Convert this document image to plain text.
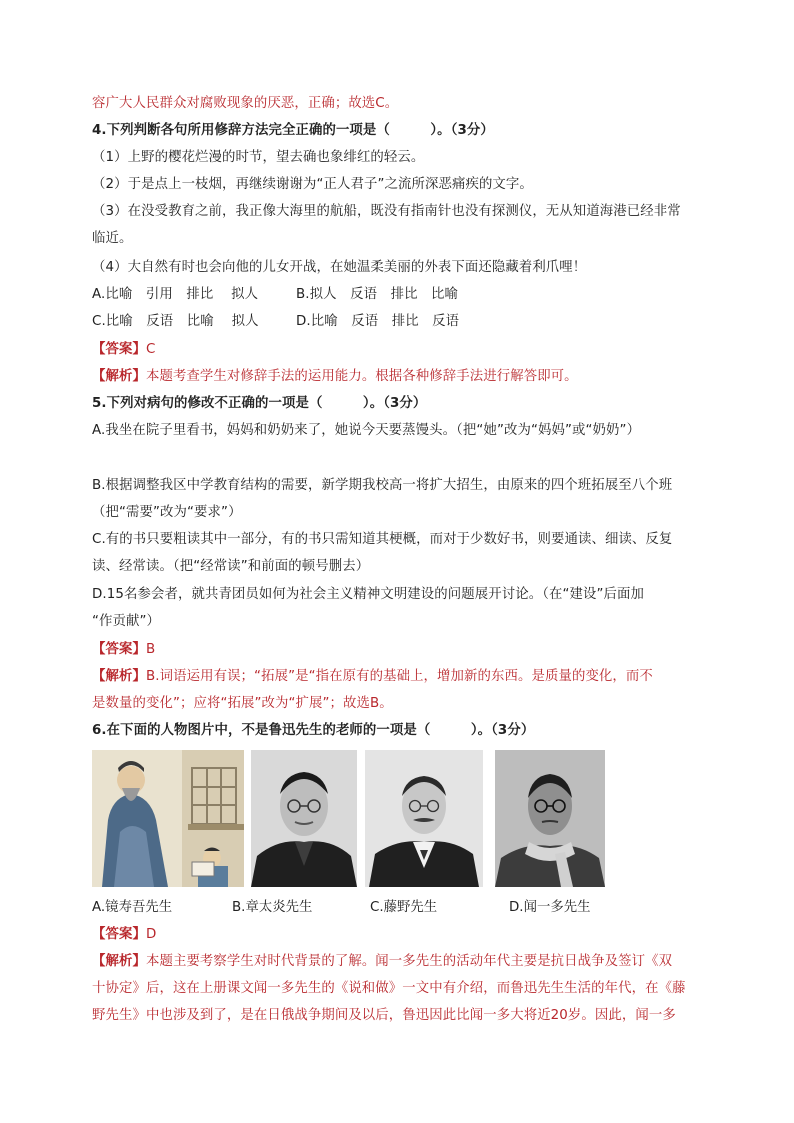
容广大人民群众对腐败现象的厌恶，正确；故选C。
4.下列判断各句所用修辞方法完全正确的一项是（　　　）。（3分）
（1）上野的樱花烂漫的时节，望去确也象绯红的轻云。
（2）于是点上一枝烟，再继续谢谢为“正人君子”之流所深恶痛疾的文字。
（3）在没受教育之前，我正像大海里的航船，既没有指南针也没有探测仪，无从知道海港已经非常
临近。
（4）大自然有时也会向他的儿女开战，在她温柔美丽的外表下面还隐藏着利爪哩！
A.比喻　引用　排比　 拟人	B.拟人　反语　排比　比喻
C.比喻　反语　比喻　 拟人	D.比喻　反语　排比　反语
【答案】C
【解析】本题考查学生对修辞手法的运用能力。根据各种修辞手法进行解答即可。
5.下列对病句的修改不正确的一项是（　　　）。（3分）
A.我坐在院子里看书，妈妈和奶奶来了，她说今天要蒸馒头。（把“她”改为“妈妈”或“奶奶”）
B.根据调整我区中学教育结构的需要，新学期我校高一将扩大招生，由原来的四个班拓展至八个班
（把“需要”改为“要求”）
C.有的书只要粗读其中一部分，有的书只需知道其梗概，而对于少数好书，则要通读、细读、反复
读、经常读。（把“经常读”和前面的顿号删去）
D.15名参会者，就共青团员如何为社会主义精神文明建设的问题展开讨论。（在“建设”后面加
“作贡献”）
【答案】B
【解析】B.词语运用有误；“拓展”是“指在原有的基础上，增加新的东西。是质量的变化，而不
是数量的变化”；应将“拓展”改为“扩展”；故选B。
6.在下面的人物图片中，不是鲁迅先生的老师的一项是（　　　）。（3分）
A.镜寿吾先生	B.章太炎先生	C.藤野先生	D.闻一多先生
【答案】D
【解析】本题主要考察学生对时代背景的了解。闻一多先生的活动年代主要是抗日战争及签订《双
十协定》后，这在上册课文闻一多先生的《说和做》一文中有介绍，而鲁迅先生生活的年代，在《藤
野先生》中也涉及到了，是在日俄战争期间及以后，鲁迅因此比闻一多大将近20岁。因此，闻一多
